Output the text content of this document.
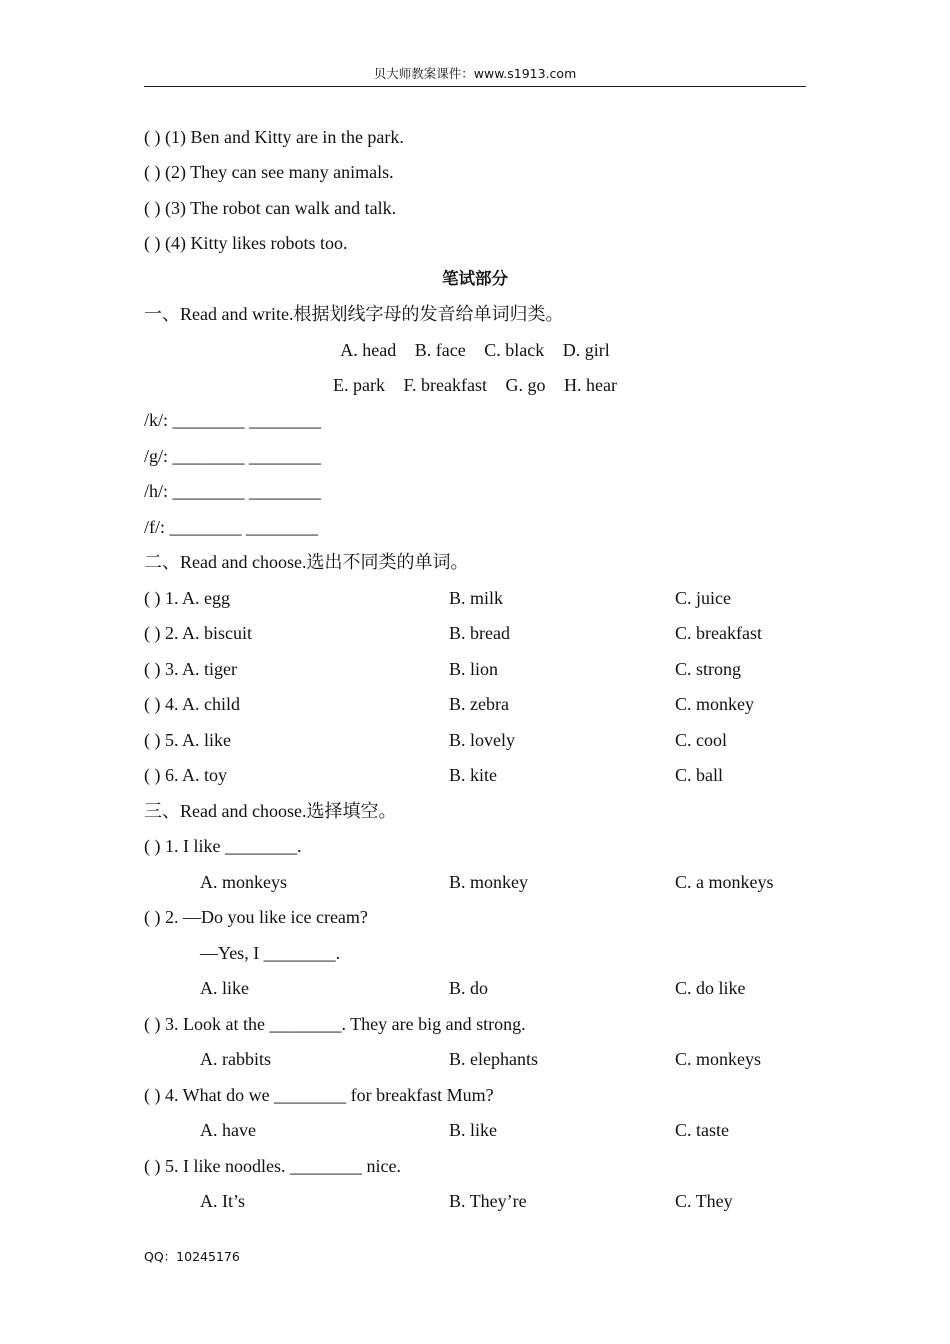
贝大师教案课件：www.s1913.com
( ) (1) Ben and Kitty are in the park.
( ) (2) They can see many animals.
( ) (3) The robot can walk and talk.
( ) (4) Kitty likes robots too.
笔试部分
一、Read and write.根据划线字母的发音给单词归类。
A. head B. face C. black D. girl
E. park F. breakfast G. go H. hear
/k/: ________ ________
/g/: ________ ________
/h/: ________ ________
/f/: ________ ________
二、Read and choose.选出不同类的单词。
( ) 1. A. egg	B. milk	C. juice
( ) 2. A. biscuit	B. bread	C. breakfast
( ) 3. A. tiger	B. lion	C. strong
( ) 4. A. child	B. zebra	C. monkey
( ) 5. A. like	B. lovely	C. cool
( ) 6. A. toy	B. kite	C. ball
三、Read and choose.选择填空。
( ) 1. I like ________.
A. monkeys	B. monkey	C. a monkeys
( ) 2. —Do you like ice cream?
—Yes, I ________.
A. like	B. do	C. do like
( ) 3. Look at the ________. They are big and strong.
A. rabbits	B. elephants	C. monkeys
( ) 4. What do we ________ for breakfast Mum?
A. have	B. like	C. taste
( ) 5. I like noodles. ________ nice.
A. It’s	B. They’re	C. They
QQ：10245176
